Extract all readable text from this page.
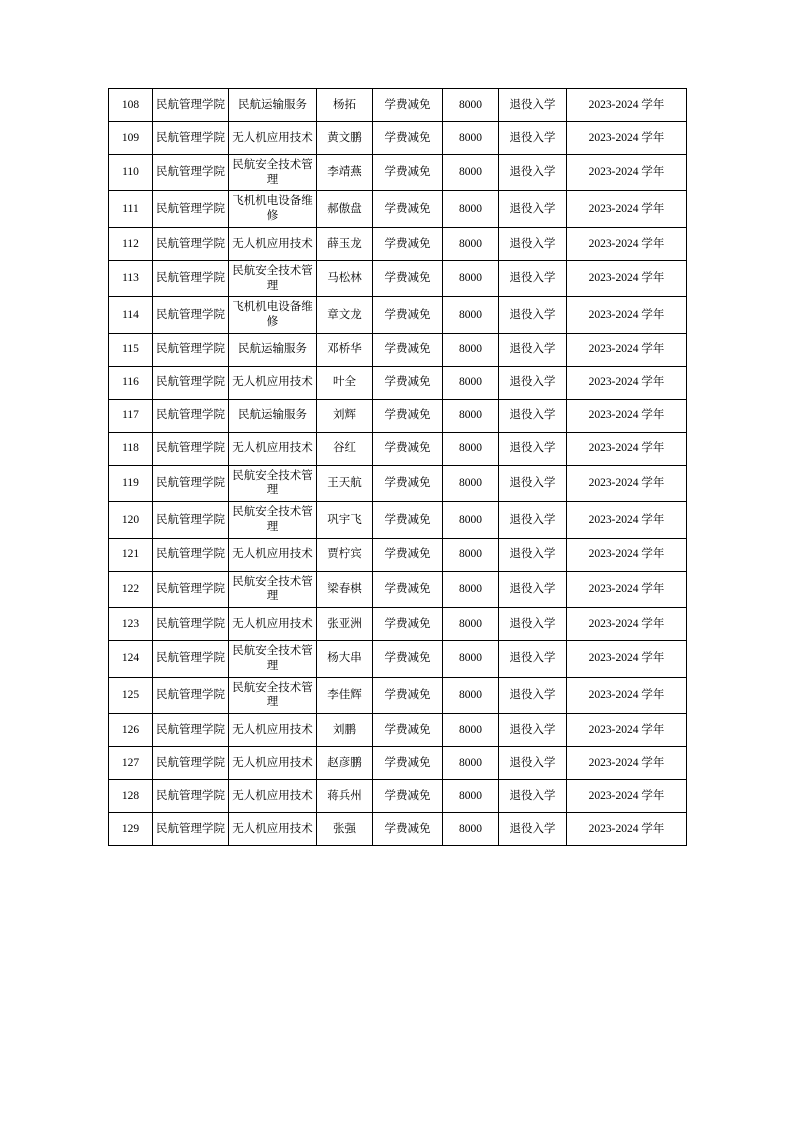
108	民航管理学院	民航运输服务	杨拓	学费减免	8000	退役入学	2023-2024 学年
109	民航管理学院	无人机应用技术	黄文鹏	学费减免	8000	退役入学	2023-2024 学年
110	民航管理学院	民航安全技术管理	李靖燕	学费减免	8000	退役入学	2023-2024 学年
111	民航管理学院	飞机机电设备维修	郝傲盘	学费减免	8000	退役入学	2023-2024 学年
112	民航管理学院	无人机应用技术	薛玉龙	学费减免	8000	退役入学	2023-2024 学年
113	民航管理学院	民航安全技术管理	马松林	学费减免	8000	退役入学	2023-2024 学年
114	民航管理学院	飞机机电设备维修	章文龙	学费减免	8000	退役入学	2023-2024 学年
115	民航管理学院	民航运输服务	邓桥华	学费减免	8000	退役入学	2023-2024 学年
116	民航管理学院	无人机应用技术	叶全	学费减免	8000	退役入学	2023-2024 学年
117	民航管理学院	民航运输服务	刘辉	学费减免	8000	退役入学	2023-2024 学年
118	民航管理学院	无人机应用技术	谷红	学费减免	8000	退役入学	2023-2024 学年
119	民航管理学院	民航安全技术管理	王天航	学费减免	8000	退役入学	2023-2024 学年
120	民航管理学院	民航安全技术管理	巩宇飞	学费减免	8000	退役入学	2023-2024 学年
121	民航管理学院	无人机应用技术	贾柠宾	学费减免	8000	退役入学	2023-2024 学年
122	民航管理学院	民航安全技术管理	梁春棋	学费减免	8000	退役入学	2023-2024 学年
123	民航管理学院	无人机应用技术	张亚洲	学费减免	8000	退役入学	2023-2024 学年
124	民航管理学院	民航安全技术管理	杨大串	学费减免	8000	退役入学	2023-2024 学年
125	民航管理学院	民航安全技术管理	李佳辉	学费减免	8000	退役入学	2023-2024 学年
126	民航管理学院	无人机应用技术	刘鹏	学费减免	8000	退役入学	2023-2024 学年
127	民航管理学院	无人机应用技术	赵彦鹏	学费减免	8000	退役入学	2023-2024 学年
128	民航管理学院	无人机应用技术	蒋兵州	学费减免	8000	退役入学	2023-2024 学年
129	民航管理学院	无人机应用技术	张强	学费减免	8000	退役入学	2023-2024 学年
